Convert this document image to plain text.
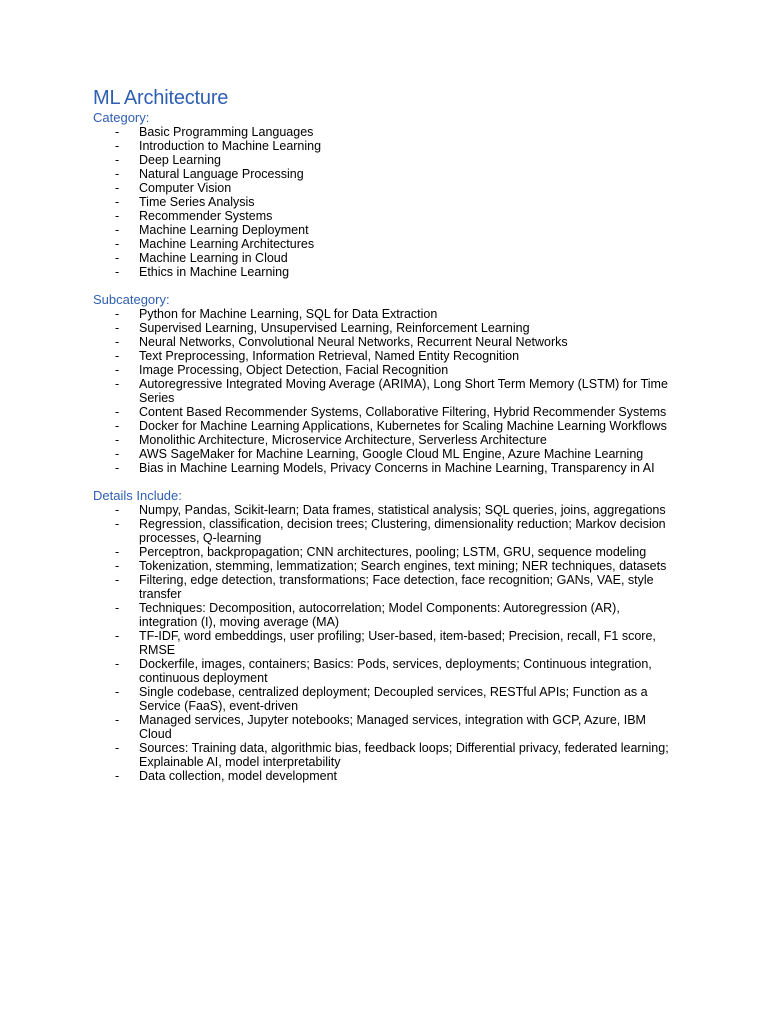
ML Architecture
Category:
- Basic Programming Languages
- Introduction to Machine Learning
- Deep Learning
- Natural Language Processing
- Computer Vision
- Time Series Analysis
- Recommender Systems
- Machine Learning Deployment
- Machine Learning Architectures
- Machine Learning in Cloud
- Ethics in Machine Learning
Subcategory:
- Python for Machine Learning, SQL for Data Extraction
- Supervised Learning, Unsupervised Learning, Reinforcement Learning
- Neural Networks, Convolutional Neural Networks, Recurrent Neural Networks
- Text Preprocessing, Information Retrieval, Named Entity Recognition
- Image Processing, Object Detection, Facial Recognition
- Autoregressive Integrated Moving Average (ARIMA), Long Short Term Memory (LSTM) for Time Series
- Content Based Recommender Systems, Collaborative Filtering, Hybrid Recommender Systems
- Docker for Machine Learning Applications, Kubernetes for Scaling Machine Learning Workflows
- Monolithic Architecture, Microservice Architecture, Serverless Architecture
- AWS SageMaker for Machine Learning, Google Cloud ML Engine, Azure Machine Learning
- Bias in Machine Learning Models, Privacy Concerns in Machine Learning, Transparency in AI
Details Include:
- Numpy, Pandas, Scikit-learn; Data frames, statistical analysis; SQL queries, joins, aggregations
- Regression, classification, decision trees; Clustering, dimensionality reduction; Markov decision processes, Q-learning
- Perceptron, backpropagation; CNN architectures, pooling; LSTM, GRU, sequence modeling
- Tokenization, stemming, lemmatization; Search engines, text mining; NER techniques, datasets
- Filtering, edge detection, transformations; Face detection, face recognition; GANs, VAE, style transfer
- Techniques: Decomposition, autocorrelation; Model Components: Autoregression (AR), integration (I), moving average (MA)
- TF-IDF, word embeddings, user profiling; User-based, item-based; Precision, recall, F1 score, RMSE
- Dockerfile, images, containers; Basics: Pods, services, deployments; Continuous integration, continuous deployment
- Single codebase, centralized deployment; Decoupled services, RESTful APIs; Function as a Service (FaaS), event-driven
- Managed services, Jupyter notebooks; Managed services, integration with GCP, Azure, IBM Cloud
- Sources: Training data, algorithmic bias, feedback loops; Differential privacy, federated learning; Explainable AI, model interpretability
- Data collection, model development
